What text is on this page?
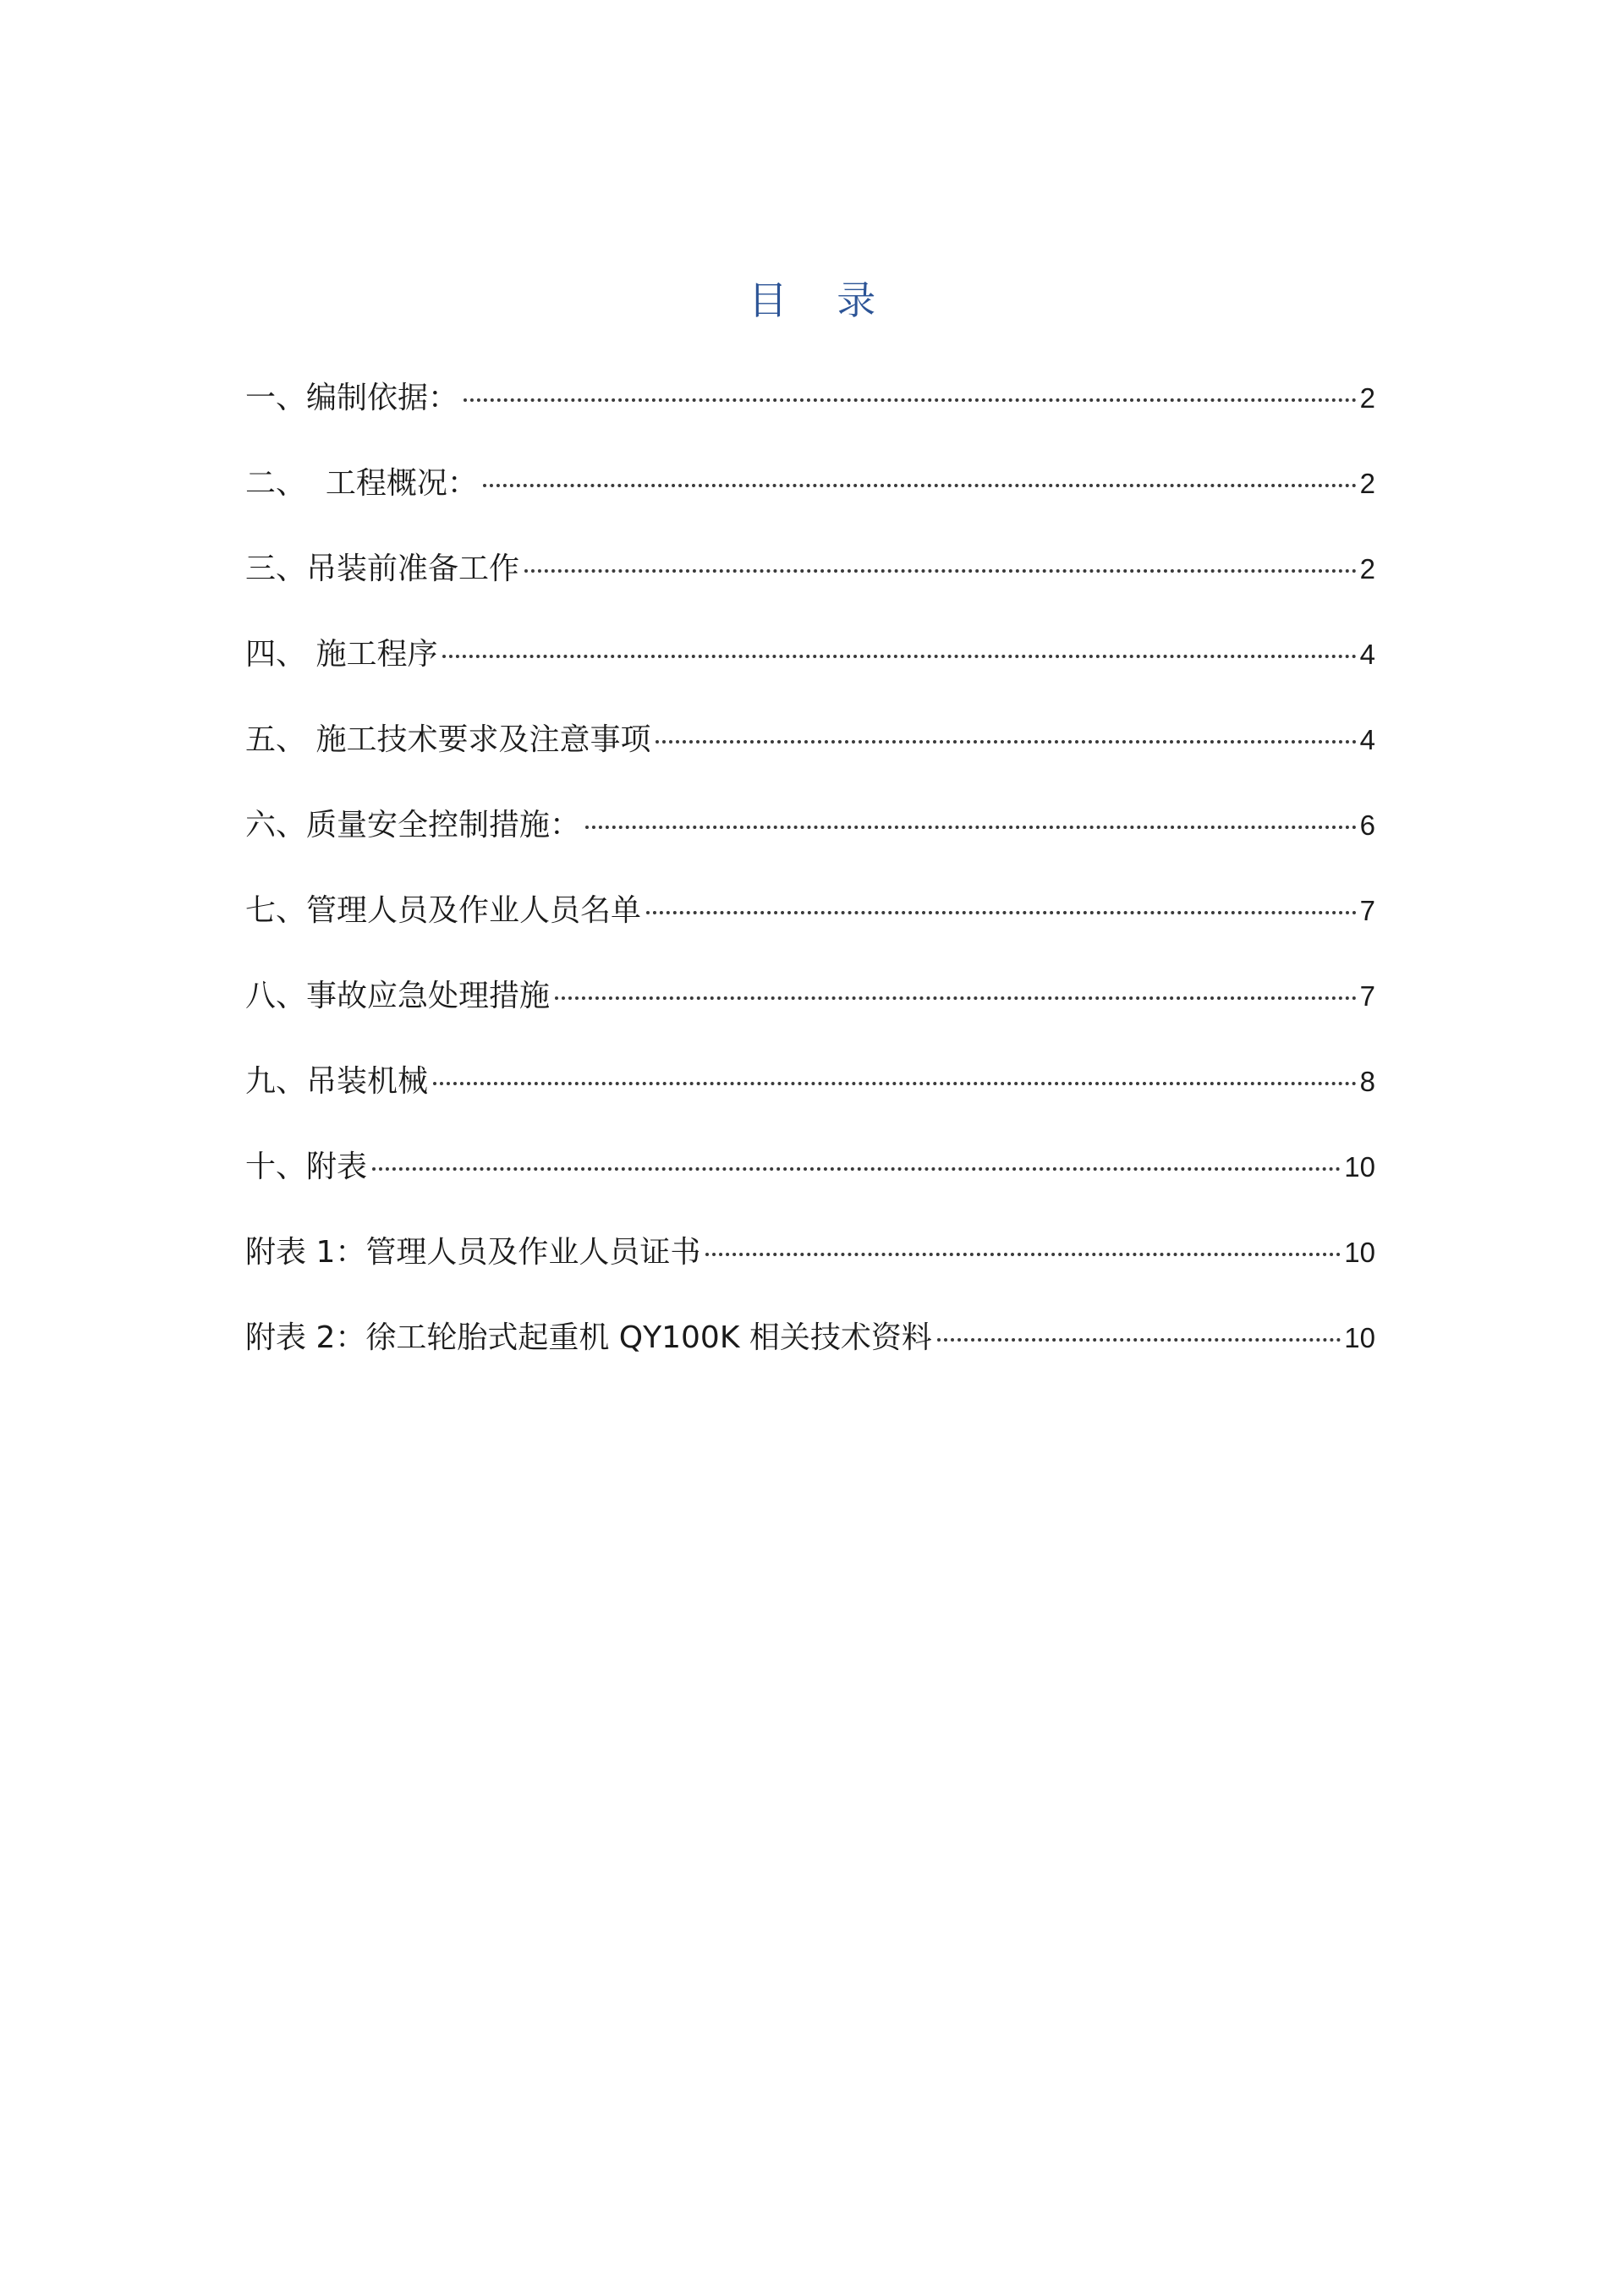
目 录
一、编制依据：	2
二、  工程概况：	2
三、吊装前准备工作	2
四、 施工程序	4
五、 施工技术要求及注意事项	4
六、质量安全控制措施：	6
七、管理人员及作业人员名单	7
八、事故应急处理措施	7
九、吊装机械	8
十、附表	10
附表 1：管理人员及作业人员证书	10
附表 2：徐工轮胎式起重机 QY100K 相关技术资料	10
